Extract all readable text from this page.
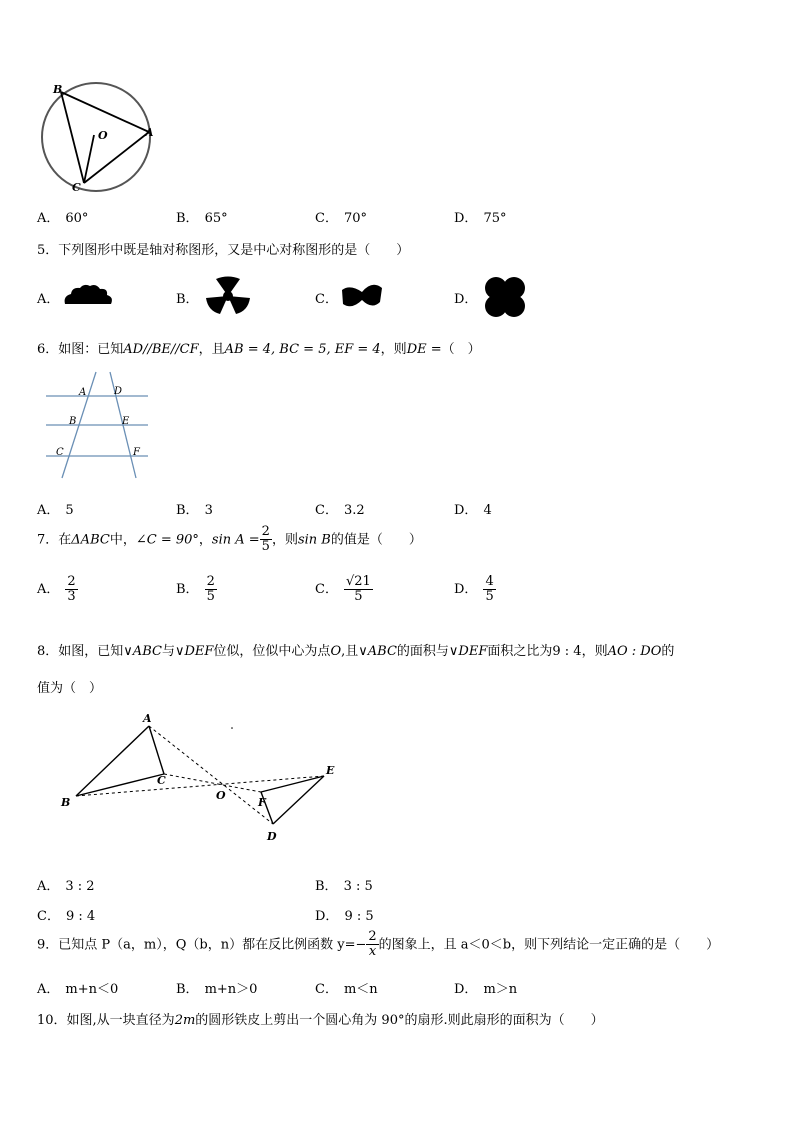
B
O	A
C
A． 60°	B． 65°	C． 70°	D． 75°
5．下列图形中既是轴对称图形，又是中心对称图形的是（　　）
A．	B．	C．	D．
6．如图：已知AD//BE//CF，且AB = 4, BC = 5, EF = 4，则DE =（　）
A	D
B	E
C	F
A． 5	B． 3	C． 3.2	D． 4
7．在ΔABC中，∠C = 90°，$\sin A = \frac{2}{5}$ ，则sin B的值是（　　）
A． $\frac{2}{3}$	B． $\frac{2}{5}$	C． $\frac{√21}{5}$	D． $\frac{4}{5}$
8．如图，已知∨ABC与∨DEF位似，位似中心为点O,且∨ABC的面积与∨DEF面积之比为9 : 4，则AO : DO的
值为（　）
A
B
C
O
E
F
D
A． 3 : 2	B． 3 : 5
C． 9 : 4	D． 9 : 5
9．已知点 P（a，m），Q（b，n）都在反比例函数 $y=- \frac{2}{x}$ 的图象上，且 a＜0＜b，则下列结论一定正确的是（　　）
A． m+n＜0	B． m+n＞0	C． m＜n	D． m＞n
10．如图,从一块直径为2m的圆形铁皮上剪出一个圆心角为 90°的扇形.则此扇形的面积为（　　）
